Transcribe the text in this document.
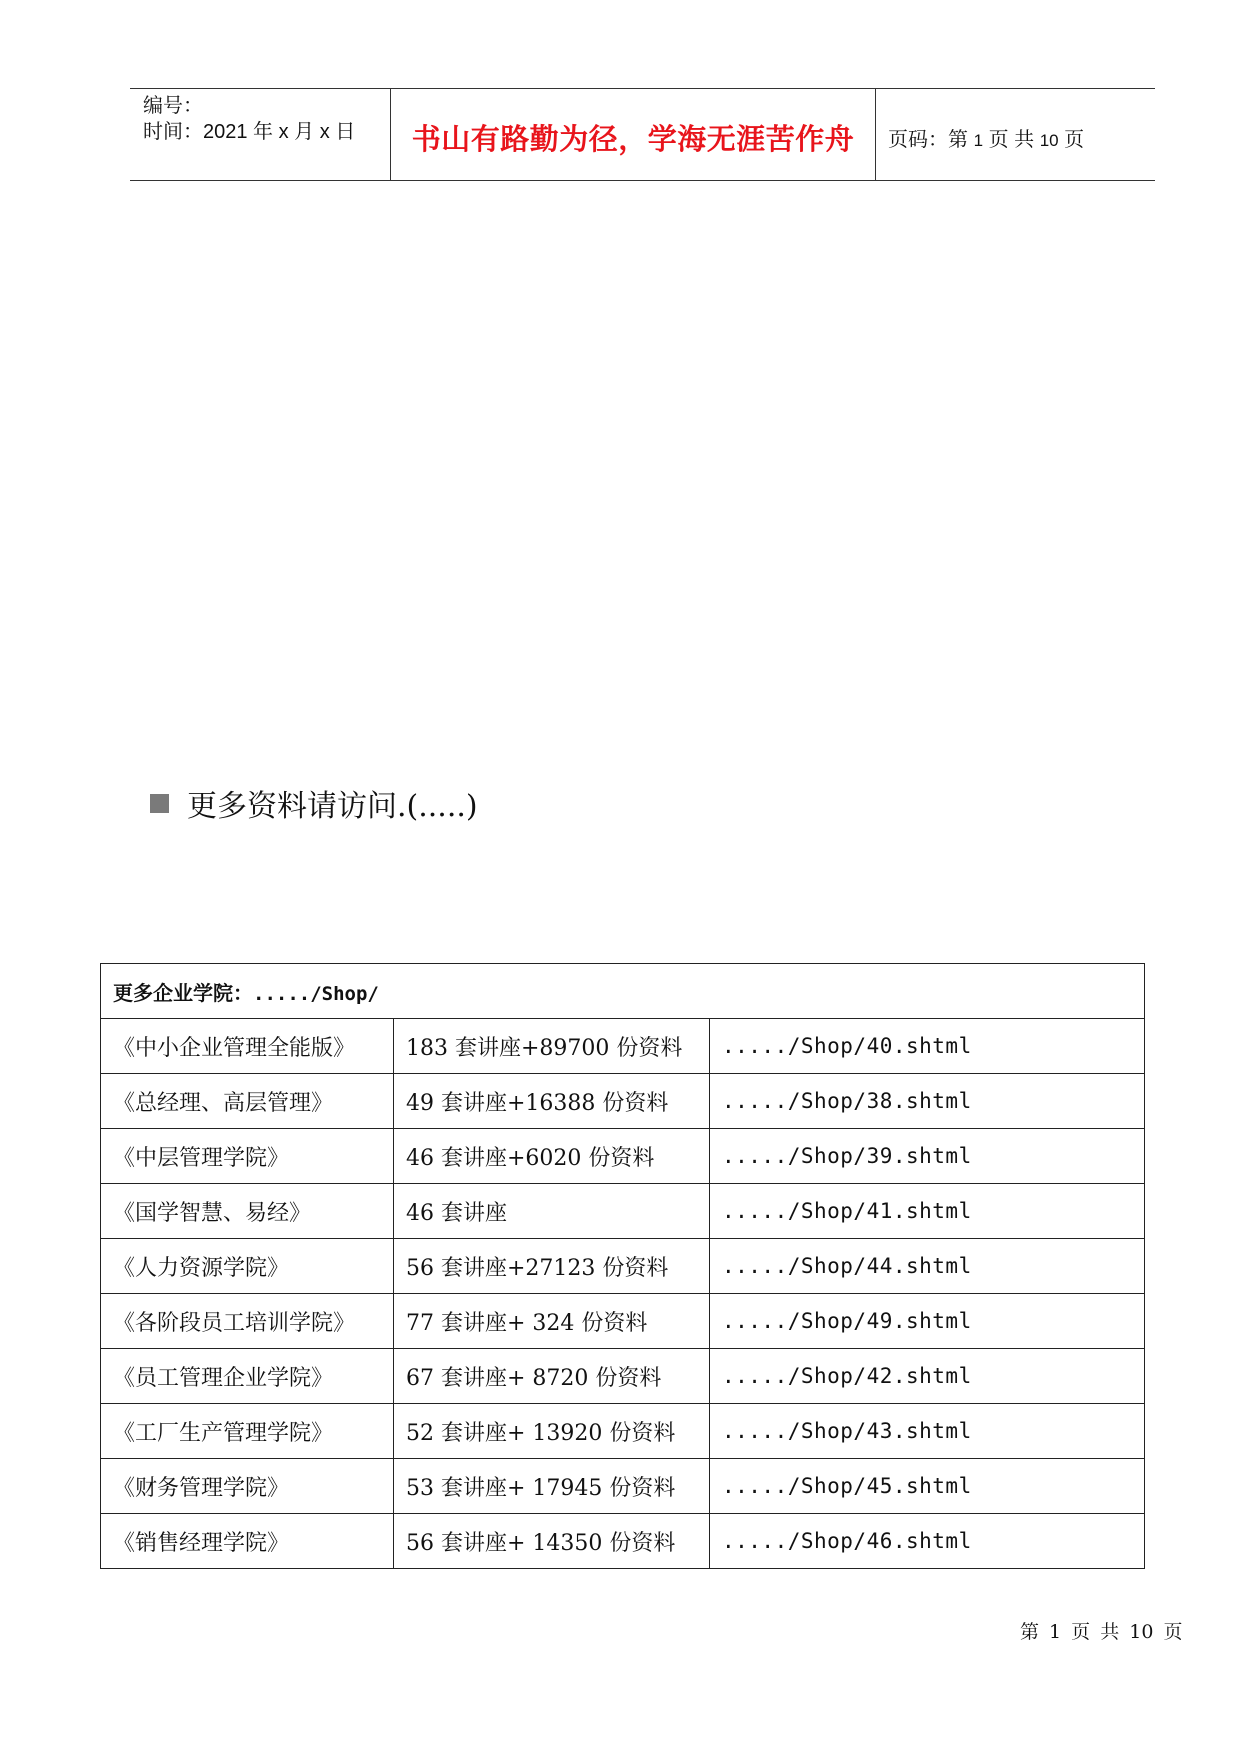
编号：
时间：2021 年 x 月 x 日	书山有路勤为径，学海无涯苦作舟	页码：第 1 页 共 10 页
更多资料请访问.(.....)
更多企业学院：...../Shop/		
《中小企业管理全能版》	183 套讲座+89700 份资料	...../Shop/40.shtml
《总经理、高层管理》	49 套讲座+16388 份资料	...../Shop/38.shtml
《中层管理学院》	46 套讲座+6020 份资料	...../Shop/39.shtml
《国学智慧、易经》	46 套讲座	...../Shop/41.shtml
《人力资源学院》	56 套讲座+27123 份资料	...../Shop/44.shtml
《各阶段员工培训学院》	77 套讲座+ 324 份资料	...../Shop/49.shtml
《员工管理企业学院》	67 套讲座+ 8720 份资料	...../Shop/42.shtml
《工厂生产管理学院》	52 套讲座+ 13920 份资料	...../Shop/43.shtml
《财务管理学院》	53 套讲座+ 17945 份资料	...../Shop/45.shtml
《销售经理学院》	56 套讲座+ 14350 份资料	...../Shop/46.shtml
第 1 页 共 10 页
